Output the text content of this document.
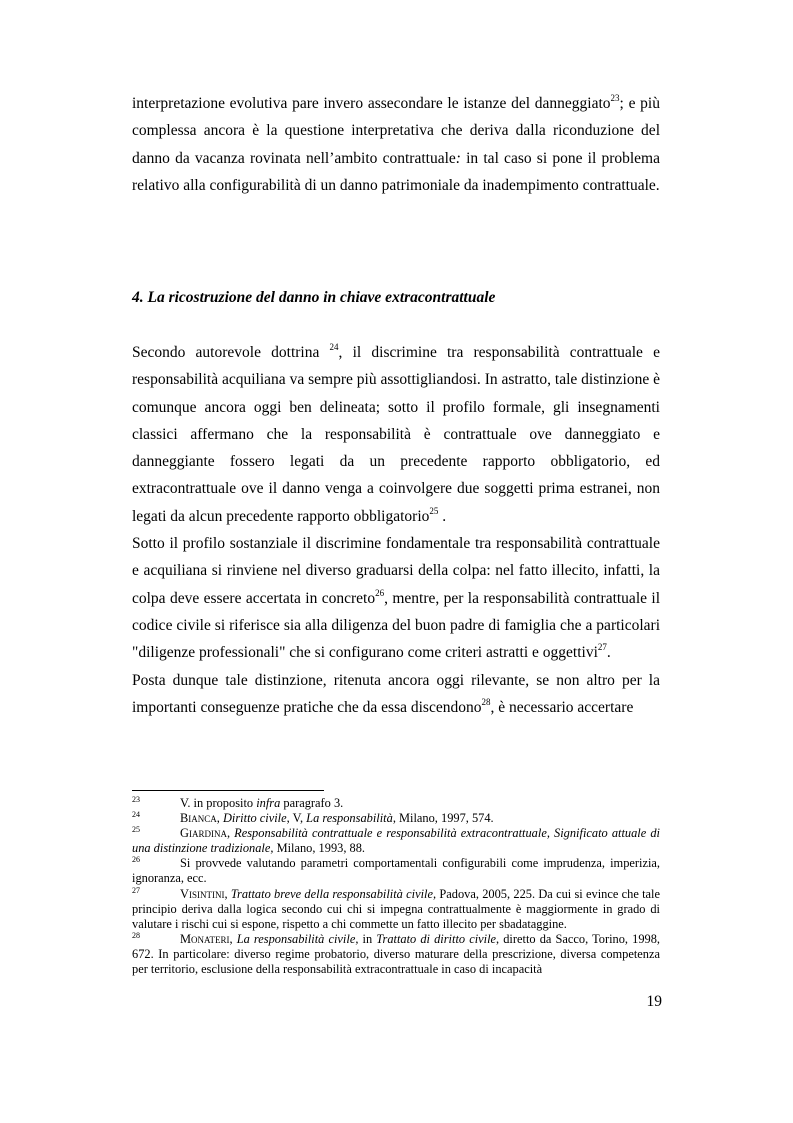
interpretazione evolutiva pare invero assecondare le istanze del danneggiato$^{23}$; e più complessa ancora è la questione interpretativa che deriva dalla riconduzione del danno da vacanza rovinata nell’ambito contrattuale: in tal caso si pone il problema relativo alla configurabilità di un danno patrimoniale da inadempimento contrattuale.

4. La ricostruzione del danno in chiave extracontrattuale

Secondo autorevole dottrina $^{24}$, il discrimine tra responsabilità contrattuale e responsabilità acquiliana va sempre più assottigliandosi. In astratto, tale distinzione è comunque ancora oggi ben delineata; sotto il profilo formale, gli insegnamenti classici affermano che la responsabilità è contrattuale ove danneggiato e danneggiante fossero legati da un precedente rapporto obbligatorio, ed extracontrattuale ove il danno venga a coinvolgere due soggetti prima estranei, non legati da alcun precedente rapporto obbligatorio$^{25}$ .

Sotto il profilo sostanziale il discrimine fondamentale tra responsabilità contrattuale e acquiliana si rinviene nel diverso graduarsi della colpa: nel fatto illecito, infatti, la colpa deve essere accertata in concreto$^{26}$, mentre, per la responsabilità contrattuale il codice civile si riferisce sia alla diligenza del buon padre di famiglia che a particolari "diligenze professionali" che si configurano come criteri astratti e oggettivi$^{27}$.

Posta dunque tale distinzione, ritenuta ancora oggi rilevante, se non altro per la importanti conseguenze pratiche che da essa discendono$^{28}$, è necessario accertare

23	V. in proposito infra paragrafo 3.

24	Bianca, Diritto civile, V, La responsabilità, Milano, 1997, 574.

25	Giardina, Responsabilità contrattuale e responsabilità extracontrattuale, Significato attuale di una distinzione tradizionale, Milano, 1993, 88.

26	Si provvede valutando parametri comportamentali configurabili come imprudenza, imperizia, ignoranza, ecc.

27	Visintini, Trattato breve della responsabilità civile, Padova, 2005, 225. Da cui si evince che tale principio deriva dalla logica secondo cui chi si impegna contrattualmente è maggiormente in grado di valutare i rischi cui si espone, rispetto a chi commette un fatto illecito per sbadataggine.

28	Monateri, La responsabilità civile, in Trattato di diritto civile, diretto da Sacco, Torino, 1998, 672. In particolare: diverso regime probatorio, diverso maturare della prescrizione, diversa competenza per territorio, esclusione della responsabilità extracontrattuale in caso di incapacità

19
